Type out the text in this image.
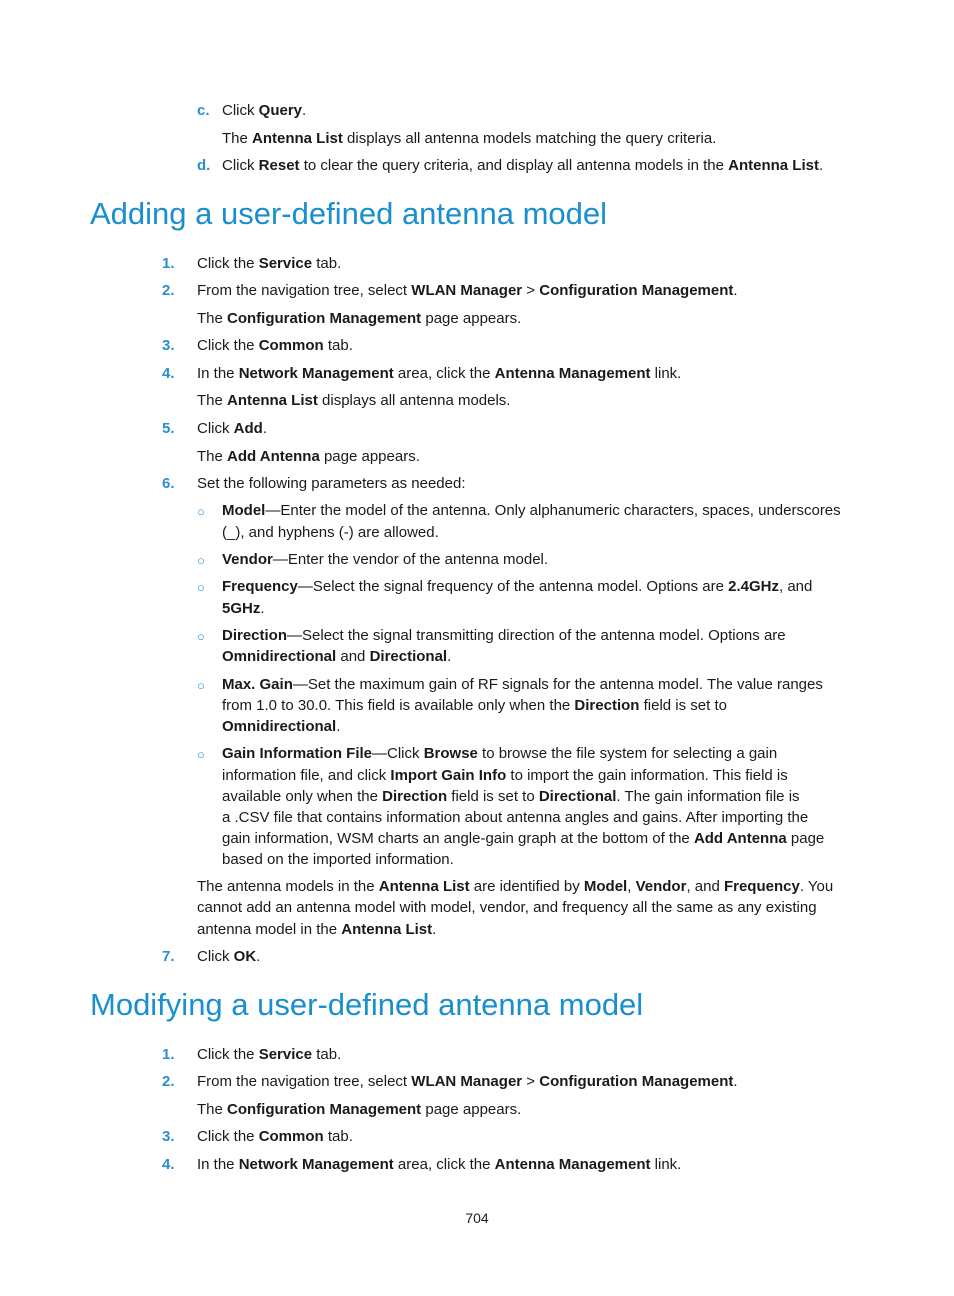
c. Click Query.
The Antenna List displays all antenna models matching the query criteria.
d. Click Reset to clear the query criteria, and display all antenna models in the Antenna List.
Adding a user-defined antenna model
1. Click the Service tab.
2. From the navigation tree, select WLAN Manager > Configuration Management.
The Configuration Management page appears.
3. Click the Common tab.
4. In the Network Management area, click the Antenna Management link.
The Antenna List displays all antenna models.
5. Click Add.
The Add Antenna page appears.
6. Set the following parameters as needed:
○ Model—Enter the model of the antenna. Only alphanumeric characters, spaces, underscores
(_), and hyphens (-) are allowed.
○ Vendor—Enter the vendor of the antenna model.
○ Frequency—Select the signal frequency of the antenna model. Options are 2.4GHz, and
5GHz.
○ Direction—Select the signal transmitting direction of the antenna model. Options are
Omnidirectional and Directional.
○ Max. Gain—Set the maximum gain of RF signals for the antenna model. The value ranges
from 1.0 to 30.0. This field is available only when the Direction field is set to
Omnidirectional.
○ Gain Information File—Click Browse to browse the file system for selecting a gain
information file, and click Import Gain Info to import the gain information. This field is
available only when the Direction field is set to Directional. The gain information file is
a .CSV file that contains information about antenna angles and gains. After importing the
gain information, WSM charts an angle-gain graph at the bottom of the Add Antenna page
based on the imported information.
The antenna models in the Antenna List are identified by Model, Vendor, and Frequency. You
cannot add an antenna model with model, vendor, and frequency all the same as any existing
antenna model in the Antenna List.
7. Click OK.
Modifying a user-defined antenna model
1. Click the Service tab.
2. From the navigation tree, select WLAN Manager > Configuration Management.
The Configuration Management page appears.
3. Click the Common tab.
4. In the Network Management area, click the Antenna Management link.
704
